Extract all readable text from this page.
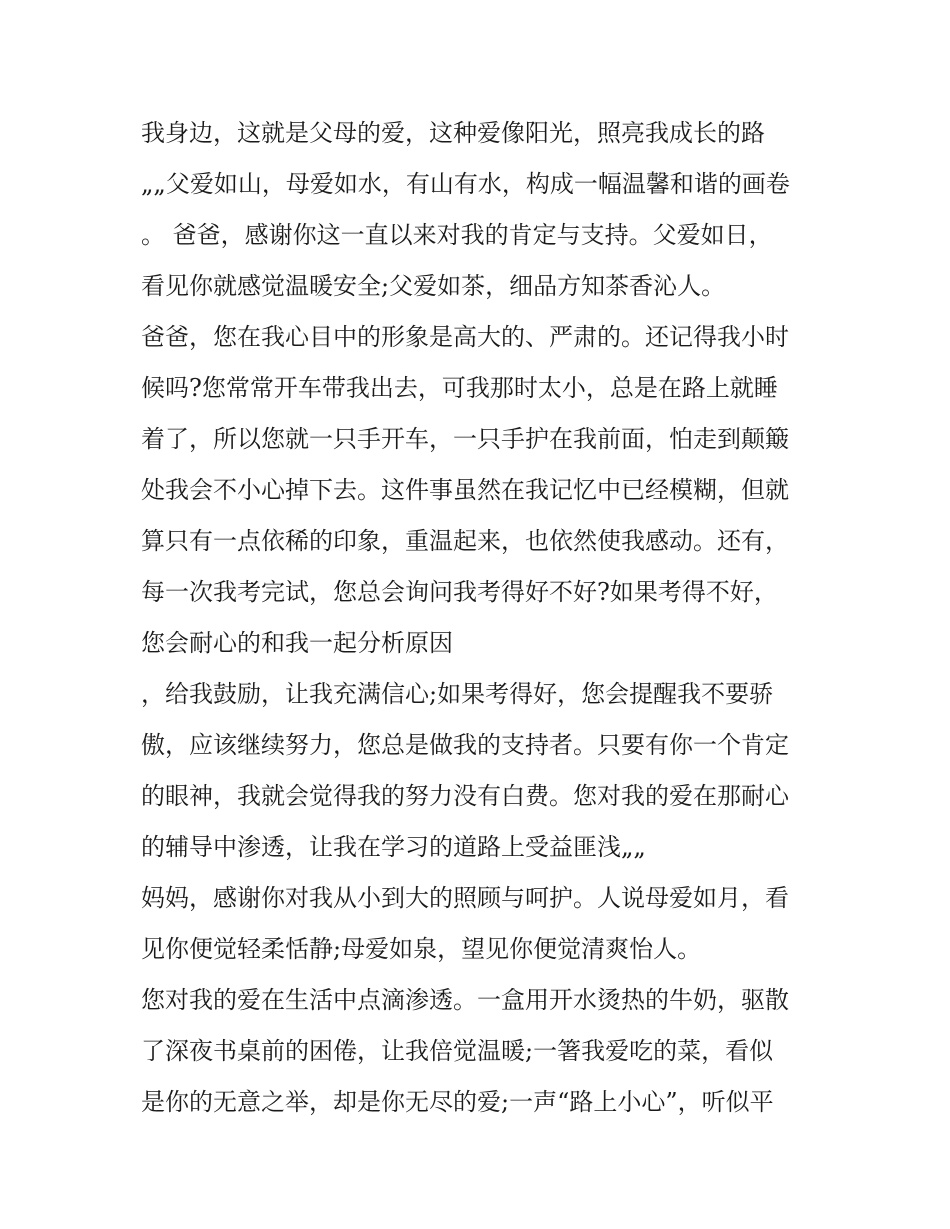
我身边，这就是父母的爱，这种爱像阳光，照亮我成长的路
„„父爱如山，母爱如水，有山有水，构成一幅温馨和谐的画卷
。 爸爸，感谢你这一直以来对我的肯定与支持。父爱如日，
看见你就感觉温暖安全;父爱如茶，细品方知茶香沁人。
爸爸，您在我心目中的形象是高大的、严肃的。还记得我小时
候吗?您常常开车带我出去，可我那时太小，总是在路上就睡
着了，所以您就一只手开车，一只手护在我前面，怕走到颠簸
处我会不小心掉下去。这件事虽然在我记忆中已经模糊，但就
算只有一点依稀的印象，重温起来，也依然使我感动。还有，
每一次我考完试，您总会询问我考得好不好?如果考得不好，
您会耐心的和我一起分析原因
，给我鼓励，让我充满信心;如果考得好，您会提醒我不要骄
傲，应该继续努力，您总是做我的支持者。只要有你一个肯定
的眼神，我就会觉得我的努力没有白费。您对我的爱在那耐心
的辅导中渗透，让我在学习的道路上受益匪浅„„
妈妈，感谢你对我从小到大的照顾与呵护。人说母爱如月，看
见你便觉轻柔恬静;母爱如泉，望见你便觉清爽怡人。
您对我的爱在生活中点滴渗透。一盒用开水烫热的牛奶，驱散
了深夜书桌前的困倦，让我倍觉温暖;一箸我爱吃的菜，看似
是你的无意之举，却是你无尽的爱;一声“路上小心”，听似平
